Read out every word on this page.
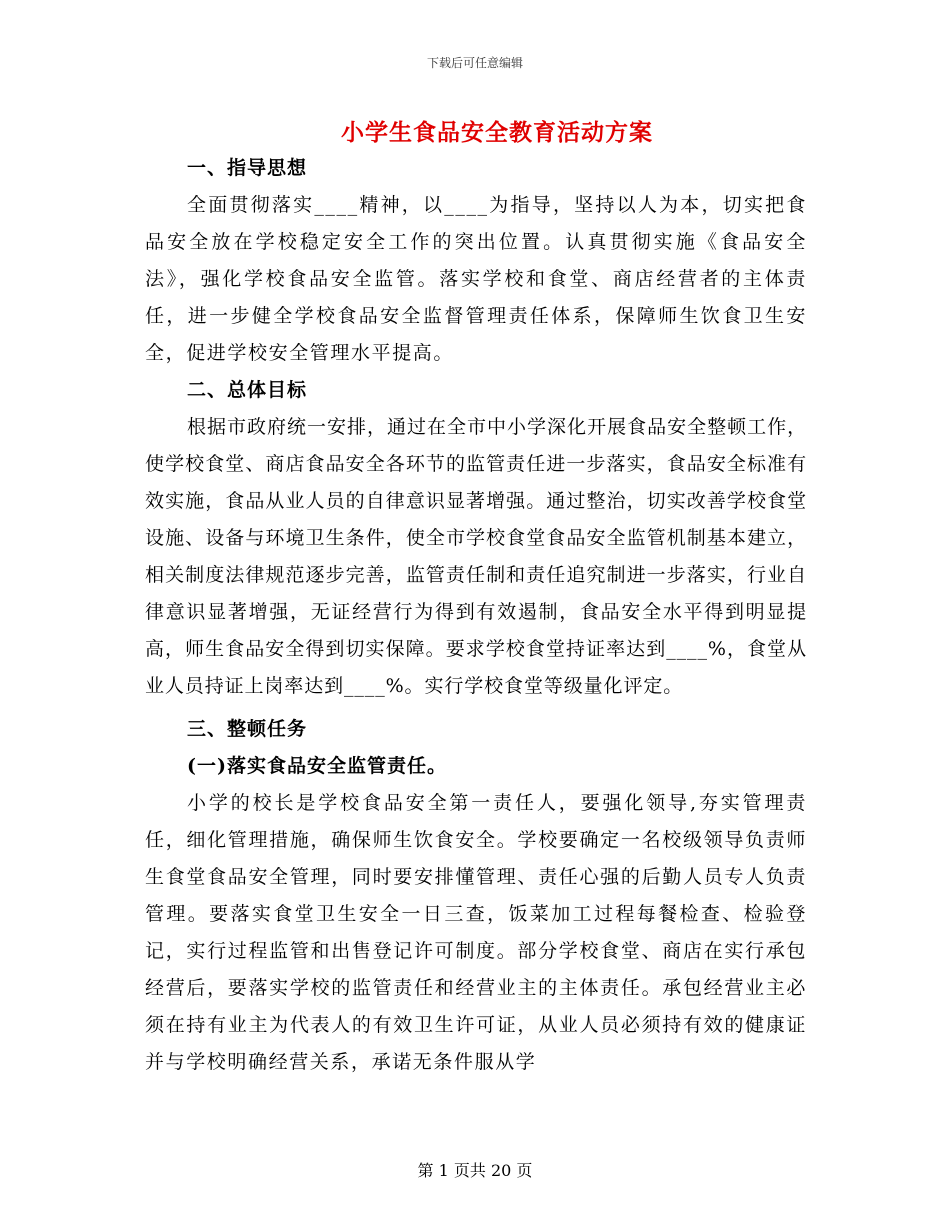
下载后可任意编辑
小学生食品安全教育活动方案
一、指导思想

全面贯彻落实____精神，以____为指导，坚持以人为本，切实把食品安全放在学校稳定安全工作的突出位置。认真贯彻实施《食品安全法》，强化学校食品安全监管。落实学校和食堂、商店经营者的主体责任，进一步健全学校食品安全监督管理责任体系，保障师生饮食卫生安全，促进学校安全管理水平提高。

二、总体目标

根据市政府统一安排，通过在全市中小学深化开展食品安全整顿工作，使学校食堂、商店食品安全各环节的监管责任进一步落实，食品安全标准有效实施，食品从业人员的自律意识显著增强。通过整治，切实改善学校食堂设施、设备与环境卫生条件，使全市学校食堂食品安全监管机制基本建立，相关制度法律规范逐步完善，监管责任制和责任追究制进一步落实，行业自律意识显著增强，无证经营行为得到有效遏制，食品安全水平得到明显提高，师生食品安全得到切实保障。要求学校食堂持证率达到____%，食堂从业人员持证上岗率达到____%。实行学校食堂等级量化评定。

三、整顿任务
(一)落实食品安全监管责任。

小学的校长是学校食品安全第一责任人，要强化领导,夯实管理责任，细化管理措施，确保师生饮食安全。学校要确定一名校级领导负责师生食堂食品安全管理，同时要安排懂管理、责任心强的后勤人员专人负责管理。要落实食堂卫生安全一日三查，饭菜加工过程每餐检查、检验登记，实行过程监管和出售登记许可制度。部分学校食堂、商店在实行承包经营后，要落实学校的监管责任和经营业主的主体责任。承包经营业主必须在持有业主为代表人的有效卫生许可证，从业人员必须持有效的健康证并与学校明确经营关系，承诺无条件服从学

第 1 页共 20 页
